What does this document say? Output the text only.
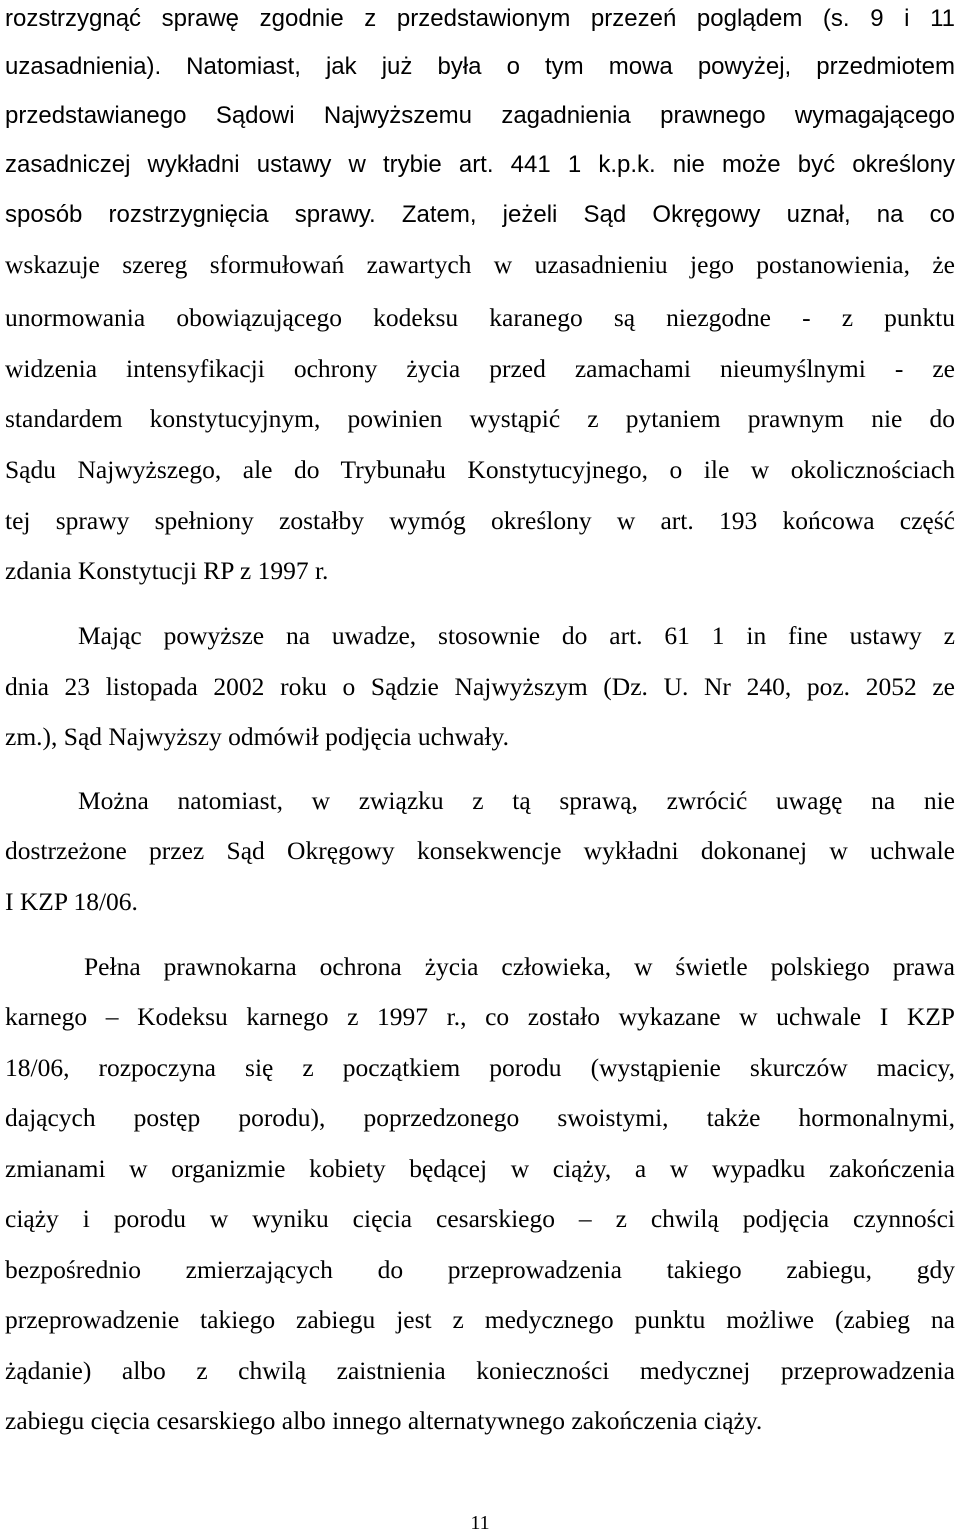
rozstrzygnąć sprawę zgodnie z przedstawionym przezeń poglądem (s. 9 i 11
uzasadnienia). Natomiast, jak już była o tym mowa powyżej, przedmiotem
przedstawianego Sądowi Najwyższemu zagadnienia prawnego wymagającego
zasadniczej wykładni ustawy w trybie art. 441 1 k.p.k. nie może być określony
sposób rozstrzygnięcia sprawy. Zatem, jeżeli Sąd Okręgowy uznał, na co
wskazuje szereg sformułowań zawartych w uzasadnieniu jego postanowienia, że
unormowania obowiązującego kodeksu karanego są niezgodne - z punktu
widzenia intensyfikacji ochrony życia przed zamachami nieumyślnymi - ze
standardem konstytucyjnym, powinien wystąpić z pytaniem prawnym nie do
Sądu Najwyższego, ale do Trybunału Konstytucyjnego, o ile w okolicznościach
tej sprawy spełniony zostałby wymóg określony w art. 193 końcowa część
zdania Konstytucji RP z 1997 r.
Mając powyższe na uwadze, stosownie do art. 61 1 in fine ustawy z
dnia 23 listopada 2002 roku o Sądzie Najwyższym (Dz. U. Nr 240, poz. 2052 ze
zm.), Sąd Najwyższy odmówił podjęcia uchwały.
Można natomiast, w związku z tą sprawą, zwrócić uwagę na nie
dostrzeżone przez Sąd Okręgowy konsekwencje wykładni dokonanej w uchwale
I KZP 18/06.
Pełna prawnokarna ochrona życia człowieka, w świetle polskiego prawa
karnego – Kodeksu karnego z 1997 r., co zostało wykazane w uchwale I KZP
18/06, rozpoczyna się z początkiem porodu (wystąpienie skurczów macicy,
dających postęp porodu), poprzedzonego swoistymi, także hormonalnymi,
zmianami w organizmie kobiety będącej w ciąży, a w wypadku zakończenia
ciąży i porodu w wyniku cięcia cesarskiego – z chwilą podjęcia czynności
bezpośrednio zmierzających do przeprowadzenia takiego zabiegu, gdy
przeprowadzenie takiego zabiegu jest z medycznego punktu możliwe (zabieg na
żądanie) albo z chwilą zaistnienia konieczności medycznej przeprowadzenia
zabiegu cięcia cesarskiego albo innego alternatywnego zakończenia ciąży.
11
